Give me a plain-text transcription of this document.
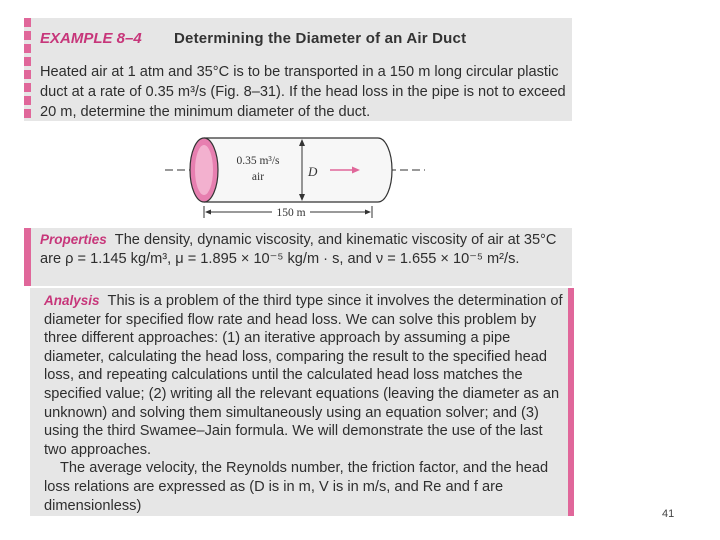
EXAMPLE 8–4 Determining the Diameter of an Air Duct
Heated air at 1 atm and 35°C is to be transported in a 150 m long circular plastic duct at a rate of 0.35 m³/s (Fig. 8–31). If the head loss in the pipe is not to exceed 20 m, determine the minimum diameter of the duct.
D
0.35 m³/s
air
150 m
Properties The density, dynamic viscosity, and kinematic viscosity of air at 35°C are ρ = 1.145 kg/m³, μ = 1.895 × 10⁻⁵ kg/m · s, and ν = 1.655 × 10⁻⁵ m²/s.
Analysis This is a problem of the third type since it involves the determination of diameter for specified flow rate and head loss. We can solve this problem by three different approaches: (1) an iterative approach by assuming a pipe diameter, calculating the head loss, comparing the result to the specified head loss, and repeating calculations until the calculated head loss matches the specified value; (2) writing all the relevant equations (leaving the diameter as an unknown) and solving them simultaneously using an equation solver; and (3) using the third Swamee–Jain formula. We will demonstrate the use of the last two approaches.
The average velocity, the Reynolds number, the friction factor, and the head loss relations are expressed as (D is in m, V is in m/s, and Re and f are dimensionless)
41
